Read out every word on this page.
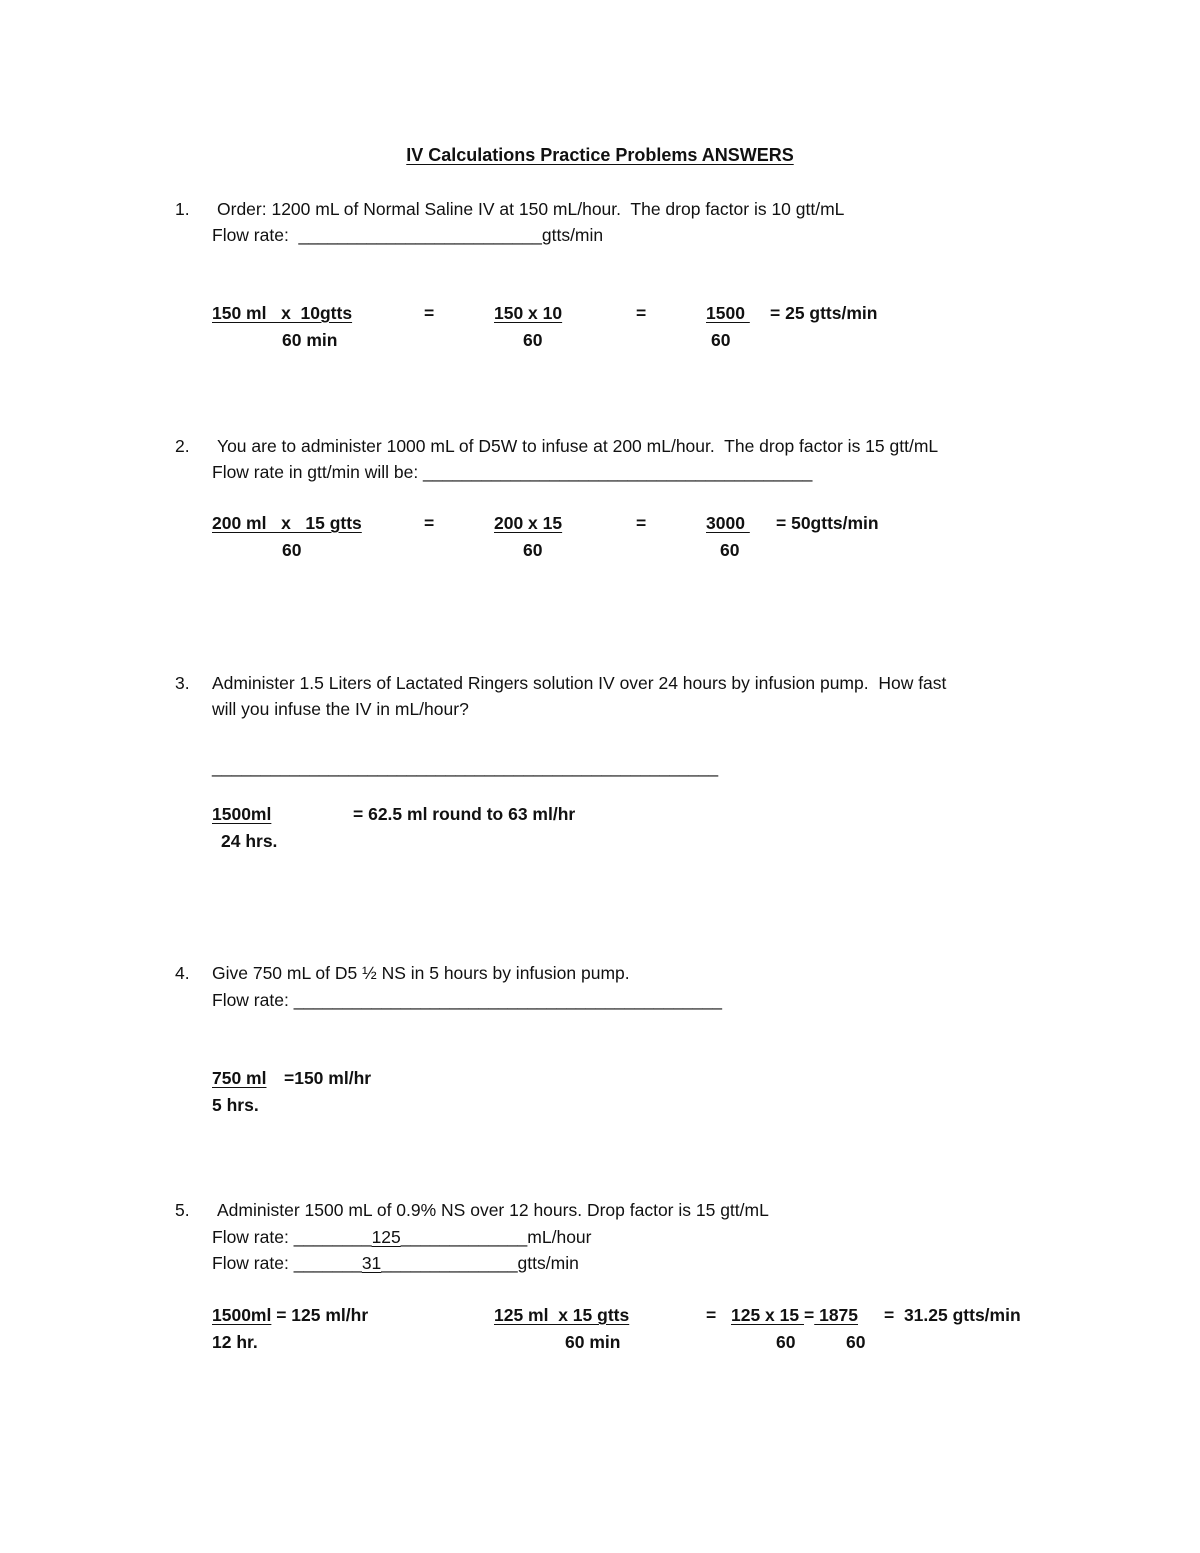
IV Calculations Practice Problems ANSWERS
1. Order: 1200 mL of Normal Saline IV at 150 mL/hour.  The drop factor is 10 gtt/mL
Flow rate:  _________________________gtts/min
150 ml   x  10gtts
60 min
=	150 x 10
60
=	1500
60
= 25 gtts/min
2. You are to administer 1000 mL of D5W to infuse at 200 mL/hour.  The drop factor is 15 gtt/mL
Flow rate in gtt/min will be: ________________________________________
200 ml   x   15 gtts
60
=	200 x 15
60
=	3000
60
= 50gtts/min
3. Administer 1.5 Liters of Lactated Ringers solution IV over 24 hours by infusion pump.  How fast
will you infuse the IV in mL/hour?
____________________________________________________
1500ml
24 hrs.
= 62.5 ml round to 63 ml/hr
4. Give 750 mL of D5 ½ NS in 5 hours by infusion pump.
Flow rate: ____________________________________________
750 ml
5 hrs.
=150 ml/hr
5. Administer 1500 mL of 0.9% NS over 12 hours. Drop factor is 15 gtt/mL
Flow rate: ________125_____________mL/hour
Flow rate: _______31______________gtts/min
1500ml = 125 ml/hr
12 hr.
125 ml  x 15 gtts
60 min
= 125 x 15 = 1875
60	60
=  31.25 gtts/min
